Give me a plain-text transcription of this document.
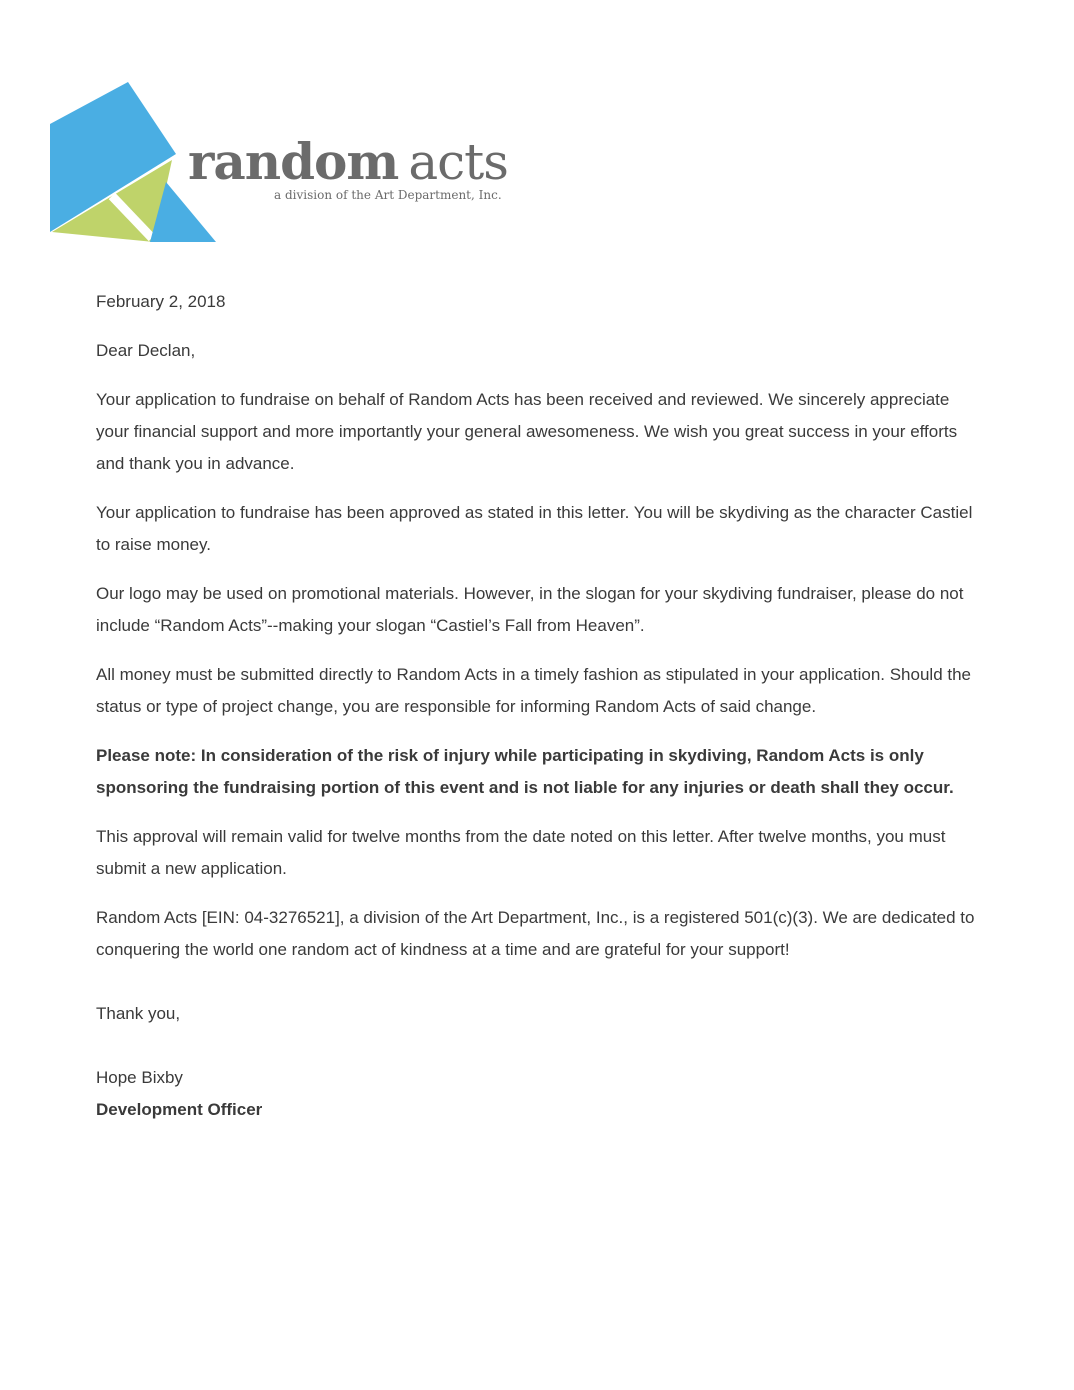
random acts
a division of the Art Department, Inc.

February 2, 2018

Dear Declan,

Your application to fundraise on behalf of Random Acts has been received and reviewed. We sincerely appreciate your financial support and more importantly your general awesomeness. We wish you great success in your efforts and thank you in advance.

Your application to fundraise has been approved as stated in this letter. You will be skydiving as the character Castiel to raise money.

Our logo may be used on promotional materials. However, in the slogan for your skydiving fundraiser, please do not include “Random Acts”--making your slogan “Castiel’s Fall from Heaven”.

All money must be submitted directly to Random Acts in a timely fashion as stipulated in your application. Should the status or type of project change, you are responsible for informing Random Acts of said change.

Please note: In consideration of the risk of injury while participating in skydiving, Random Acts is only sponsoring the fundraising portion of this event and is not liable for any injuries or death shall they occur.

This approval will remain valid for twelve months from the date noted on this letter. After twelve months, you must submit a new application.

Random Acts [EIN: 04-3276521], a division of the Art Department, Inc., is a registered 501(c)(3). We are dedicated to conquering the world one random act of kindness at a time and are grateful for your support!

Thank you,

Hope Bixby

Development Officer
